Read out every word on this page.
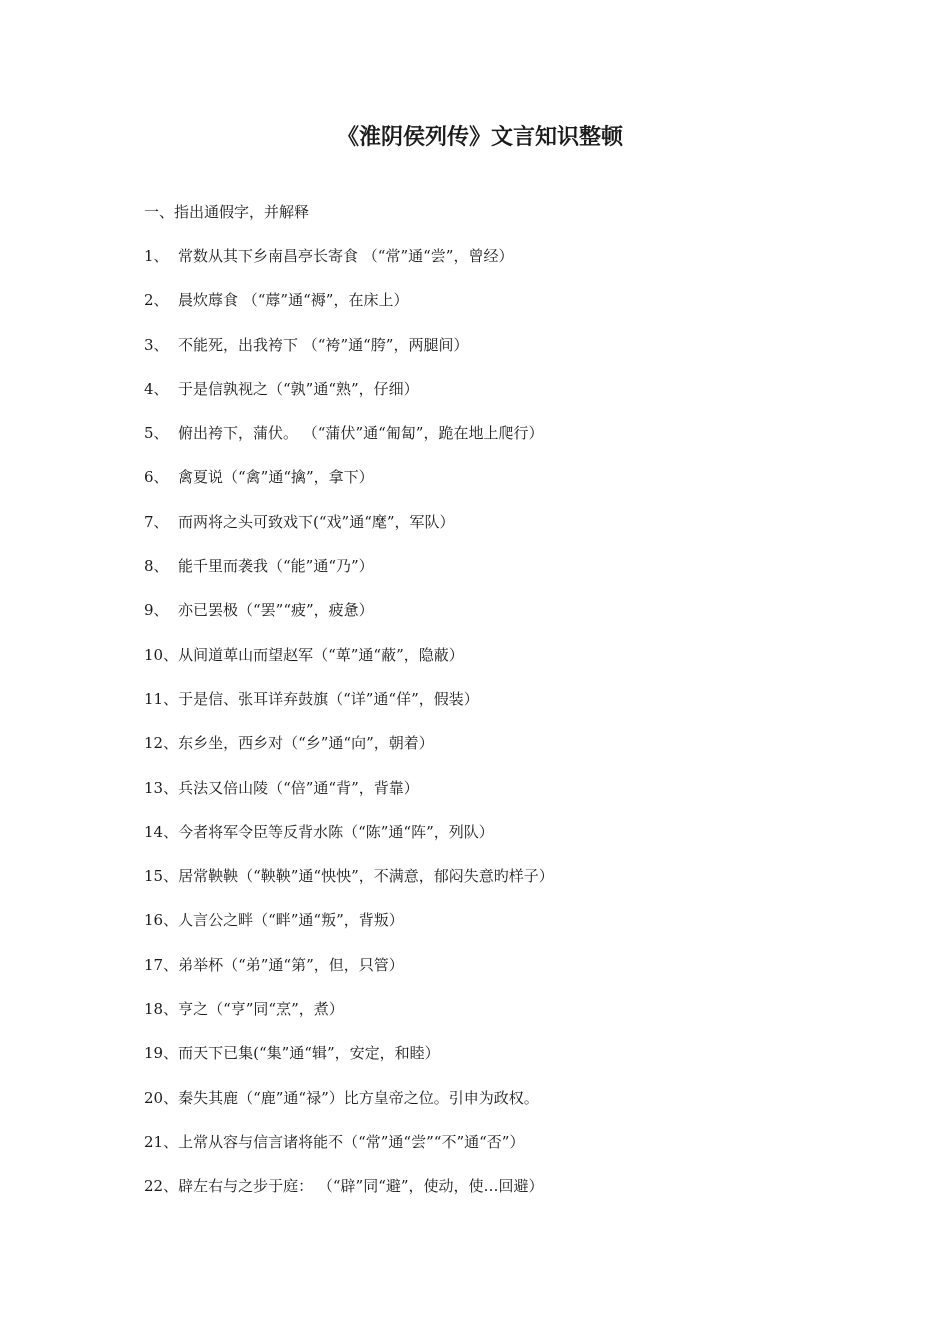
《淮阴侯列传》文言知识整顿
一、指出通假字，并解释
1、 常数从其下乡南昌亭长寄食 （“常”通“尝”，曾经）
2、 晨炊蓐食 （“蓐”通“褥”，在床上）
3、 不能死，出我袴下 （“袴”通“胯”，两腿间）
4、 于是信孰视之（“孰”通“熟”，仔细）
5、 俯出袴下，蒲伏。 （“蒲伏”通“匍匐”，跪在地上爬行）
6、 禽夏说（“禽”通“擒”，拿下）
7、 而两将之头可致戏下(“戏”通“麾”，军队）
8、 能千里而袭我（“能”通“乃”）
9、 亦已罢极（“罢”“疲”，疲惫）
10、 从间道萆山而望赵军（“萆”通“蔽”，隐蔽）
11、 于是信、张耳详弃鼓旗（“详”通“佯”，假装）
12、 东乡坐，西乡对（“乡”通“向”，朝着）
13、 兵法又倍山陵（“倍”通“背”，背靠）
14、 今者将军令臣等反背水陈（“陈”通“阵”，列队）
15、 居常鞅鞅（“鞅鞅”通“怏怏”，不满意，郁闷失意旳样子）
16、 人言公之畔（“畔”通“叛”，背叛）
17、 弟举杯（“弟”通“第”，但，只管）
18、 亨之（“亨”同“烹”，煮）
19、 而天下已集(“集”通“辑”，安定，和睦）
20、 秦失其鹿（“鹿”通“禄”）比方皇帝之位。引申为政权。
21、 上常从容与信言诸将能不（“常”通“尝”“不”通“否”）
22、 辟左右与之步于庭： （“辟”同“避”，使动，使…回避）
